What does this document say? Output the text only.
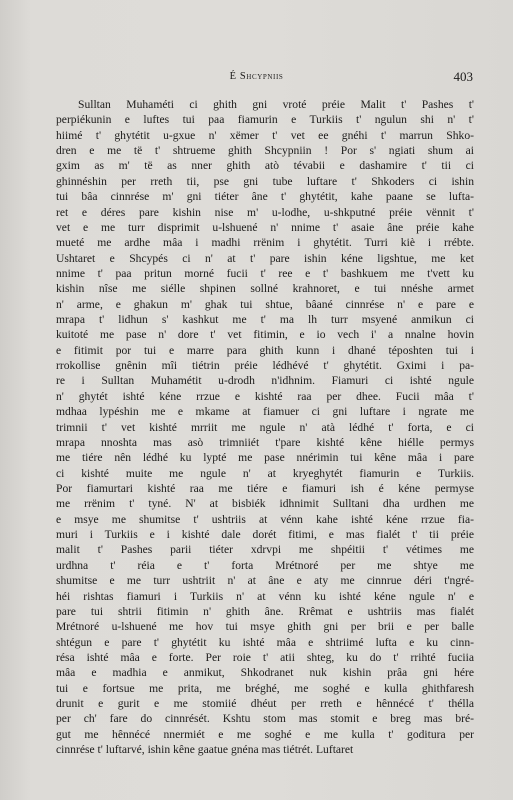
É Shcypniis	403
Sulltan Muhaméti ci ghith gni vroté préie Malit t' Pashes t'
perpiékunin e luftes tui paa fiamurin e Turkiis t' ngulun shi n' t'
hiimé t' ghytétit u-gxue n' xëmer t' vet ee gnéhi t' marrun Shko-
dren e me të t' shtrueme ghith Shcypniin ! Por s' ngiati shum ai
gxim as m' të as nner ghith atò tévabii e dashamire t' tii ci
ghinnéshin per rreth tii, pse gni tube luftare t' Shkoders ci ishin
tui bâa cinnrése m' gni tiéter âne t' ghytétit, kahe paane se lufta-
ret e déres pare kishin nise m' u-lodhe, u-shkputné préie vënnit t'
vet e me turr disprimit u-lshuené n' nnime t' asaie âne préie kahe
mueté me ardhe mâa i madhi rrënim i ghytétit. Turri kiè i rrébte.
Ushtaret e Shcypés ci n' at t' pare ishin kéne ligshtue, me ket
nnime t' paa pritun morné fucii t' ree e t' bashkuem me t'vett ku
kishin nîse me siélle shpinen sollné krahnoret, e tui nnéshe armet
n' arme, e ghakun m' ghak tui shtue, bâané cinnrése n' e pare e
mrapa t' lidhun s' kashkut me t' ma lh turr msyené anmikun ci
kuitoté me pase n' dore t' vet fitimin, e io vech i' a nnalne hovin
e fitimit por tui e marre para ghith kunn i dhané téposhten tui i
rrokollise gnênin mîi tiétrin préie lédhévé t' ghytétit. Gximi i pa-
re i Sulltan Muhamétit u-drodh n'idhnim. Fiamuri ci ishté ngule
n' ghytét ishté kéne rrzue e kishté raa per dhee. Fucii mâa t'
mdhaa lypéshin me e mkame at fiamuer ci gni luftare i ngrate me
trimnii t' vet kishté mrriit me ngule n' atà lédhé t' forta, e ci
mrapa nnoshta mas asò trimniiét t'pare kishté kêne hiélle permys
me tiére nên lédhé ku lypté me pase nnérimin tui kêne mâa i pare
ci kishté muite me ngule n' at kryeghytét fiamurin e Turkiis.
Por fiamurtari kishté raa me tiére e fiamuri ish é kéne permyse
me rrënim t' tyné. N' at bisbiék idhnimit Sulltani dha urdhen me
e msye me shumitse t' ushtriis at vénn kahe ishté kéne rrzue fia-
muri i Turkiis e i kishté dale dorét fitimi, e mas fialét t' tii préie
malit t' Pashes parii tiéter xdrvpi me shpéitii t' vétimes me
urdhna t' réia e t' forta Mrétnoré per me shtye me
shumitse e me turr ushtriit n' at âne e aty me cinnrue déri t'ngré-
héi rishtas fiamuri i Turkiis n' at vénn ku ishté kéne ngule n' e
pare tui shtrii fitimin n' ghith âne. Rrêmat e ushtriis mas fialét
Mrétnoré u-lshuené me hov tui msye ghith gni per brii e per balle
shtégun e pare t' ghytétit ku ishté mâa e shtriimé lufta e ku cinn-
résa ishté mâa e forte. Per roie t' atii shteg, ku do t' rrihté fuciia
mâa e madhia e anmikut, Shkodranet nuk kishin prâa gni hére
tui e fortsue me prita, me bréghé, me soghé e kulla ghithfaresh
drunit e gurit e me stomiié dhéut per rreth e hênnécé t' thélla
per ch' fare do cinnrését. Kshtu stom mas stomit e breg mas bré-
gut me hênnécé nnermiét e me soghé e me kulla t' goditura per
cinnrése t' luftarvé, ishin kêne gaatue gnéna mas tiétrét. Luftaret
